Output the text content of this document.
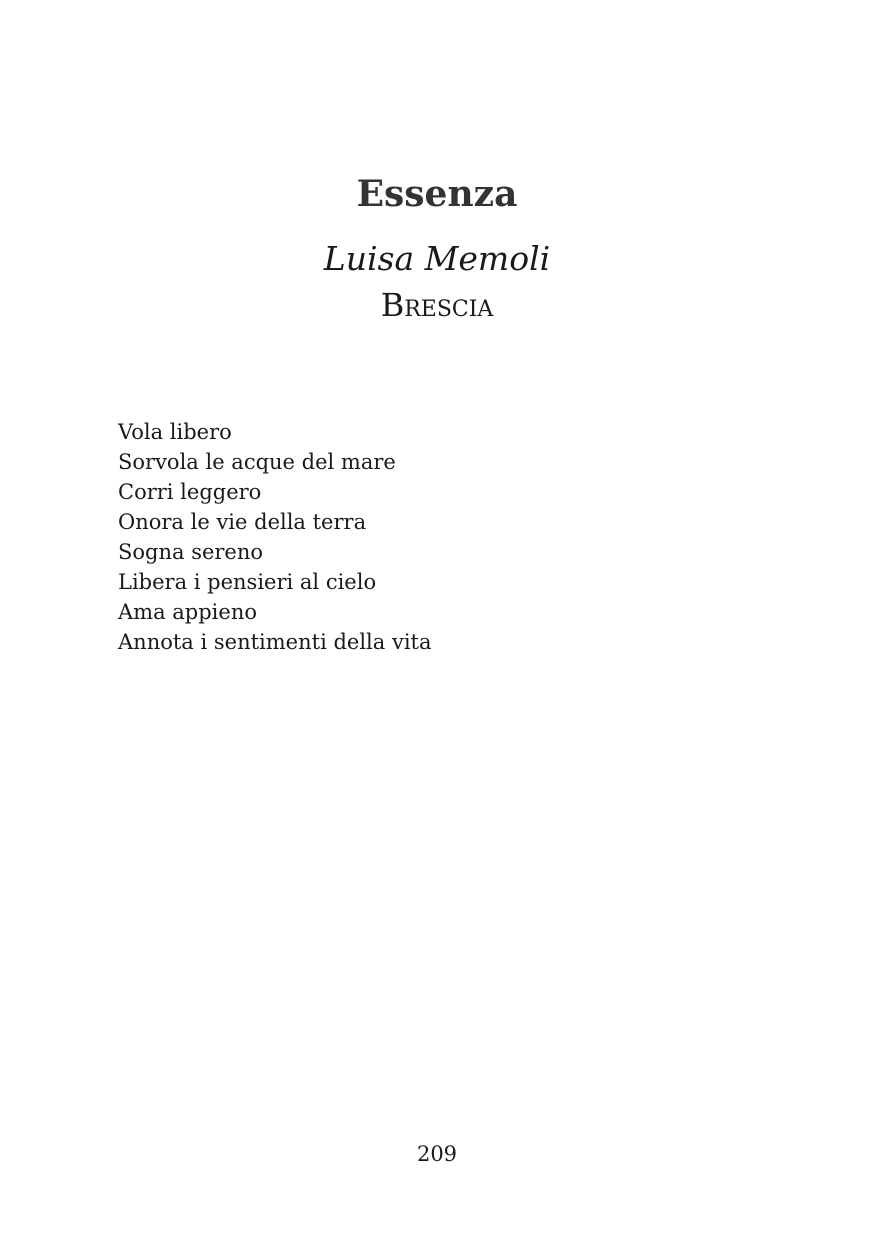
Essenza
Luisa Memoli
Brescia
Vola libero
Sorvola le acque del mare
Corri leggero
Onora le vie della terra
Sogna sereno
Libera i pensieri al cielo
Ama appieno
Annota i sentimenti della vita
209
